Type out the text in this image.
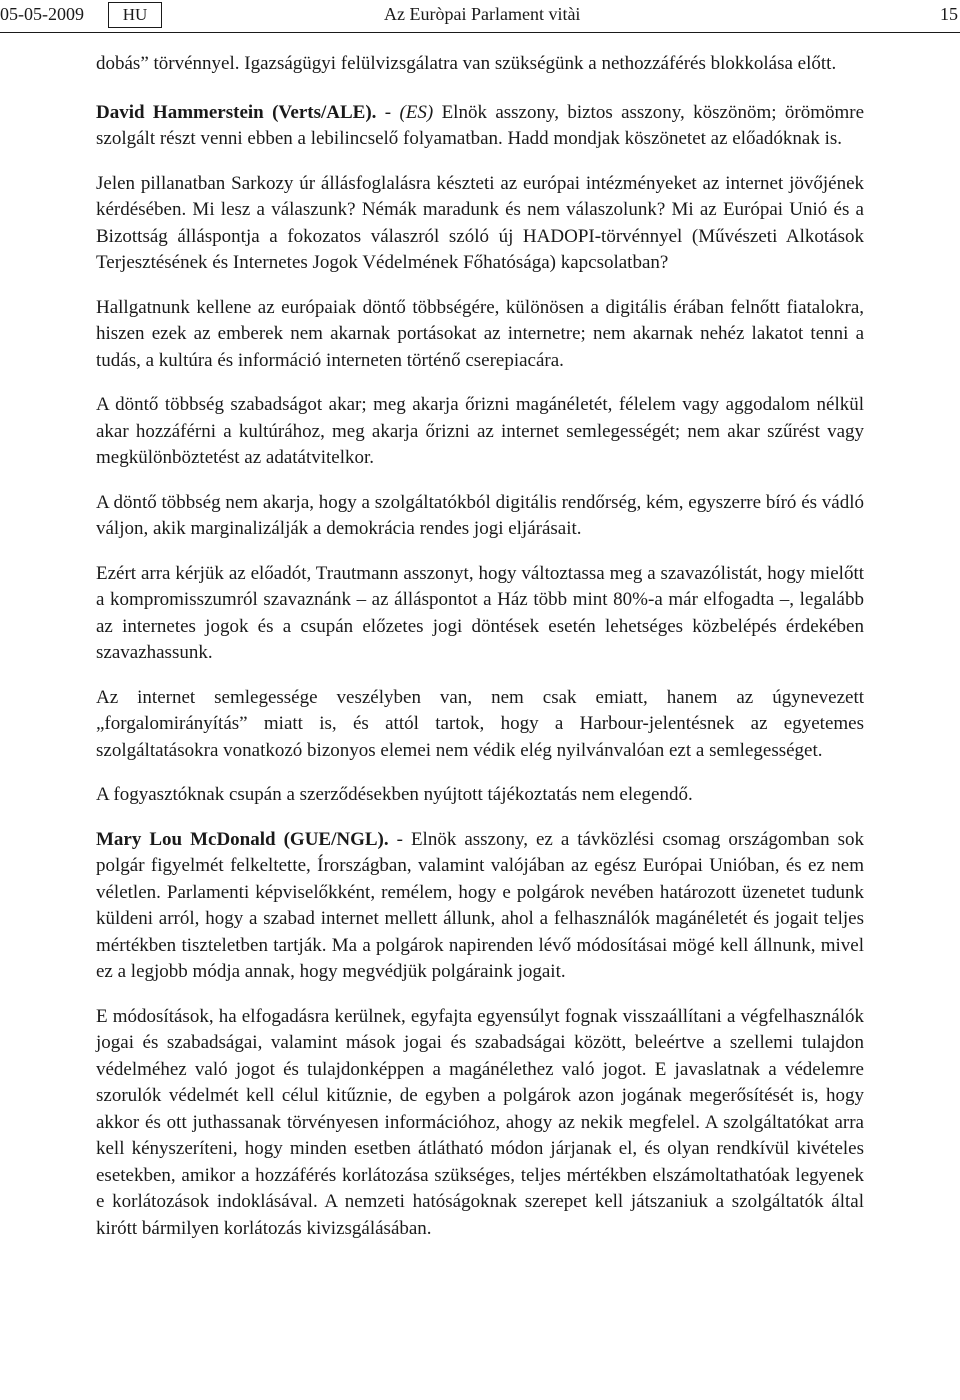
05-05-2009	HU	Az Euròpai Parlament vitài	15

dobás” törvénnyel. Igazságügyi felülvizsgálatra van szükségünk a nethozzáférés blokkolása előtt.

David Hammerstein (Verts/ALE). - (ES) Elnök asszony, biztos asszony, köszönöm; örömömre szolgált részt venni ebben a lebilincselő folyamatban. Hadd mondjak köszönetet az előadóknak is.

Jelen pillanatban Sarkozy úr állásfoglalásra készteti az európai intézményeket az internet jövőjének kérdésében. Mi lesz a válaszunk? Némák maradunk és nem válaszolunk? Mi az Európai Unió és a Bizottság álláspontja a fokozatos válaszról szóló új HADOPI-törvénnyel (Művészeti Alkotások Terjesztésének és Internetes Jogok Védelmének Főhatósága) kapcsolatban?

Hallgatnunk kellene az európaiak döntő többségére, különösen a digitális érában felnőtt fiatalokra, hiszen ezek az emberek nem akarnak portásokat az internetre; nem akarnak nehéz lakatot tenni a tudás, a kultúra és információ interneten történő cserepiacára.

A döntő többség szabadságot akar; meg akarja őrizni magánéletét, félelem vagy aggodalom nélkül akar hozzáférni a kultúrához, meg akarja őrizni az internet semlegességét; nem akar szűrést vagy megkülönböztetést az adatátvitelkor.

A döntő többség nem akarja, hogy a szolgáltatókból digitális rendőrség, kém, egyszerre bíró és vádló váljon, akik marginalizálják a demokrácia rendes jogi eljárásait.

Ezért arra kérjük az előadót, Trautmann asszonyt, hogy változtassa meg a szavazólistát, hogy mielőtt a kompromisszumról szavaznánk – az álláspontot a Ház több mint 80%-a már elfogadta –, legalább az internetes jogok és a csupán előzetes jogi döntések esetén lehetséges közbelépés érdekében szavazhassunk.

Az internet semlegessége veszélyben van, nem csak emiatt, hanem az úgynevezett „forgalomirányítás” miatt is, és attól tartok, hogy a Harbour-jelentésnek az egyetemes szolgáltatásokra vonatkozó bizonyos elemei nem védik elég nyilvánvalóan ezt a semlegességet.

A fogyasztóknak csupán a szerződésekben nyújtott tájékoztatás nem elegendő.

Mary Lou McDonald (GUE/NGL). - Elnök asszony, ez a távközlési csomag országomban sok polgár figyelmét felkeltette, Írországban, valamint valójában az egész Európai Unióban, és ez nem véletlen. Parlamenti képviselőkként, remélem, hogy e polgárok nevében határozott üzenetet tudunk küldeni arról, hogy a szabad internet mellett állunk, ahol a felhasználók magánéletét és jogait teljes mértékben tiszteletben tartják. Ma a polgárok napirenden lévő módosításai mögé kell állnunk, mivel ez a legjobb módja annak, hogy megvédjük polgáraink jogait.

E módosítások, ha elfogadásra kerülnek, egyfajta egyensúlyt fognak visszaállítani a végfelhasználók jogai és szabadságai, valamint mások jogai és szabadságai között, beleértve a szellemi tulajdon védelméhez való jogot és tulajdonképpen a magánélethez való jogot. E javaslatnak a védelemre szorulók védelmét kell célul kitűznie, de egyben a polgárok azon jogának megerősítését is, hogy akkor és ott juthassanak törvényesen információhoz, ahogy az nekik megfelel. A szolgáltatókat arra kell kényszeríteni, hogy minden esetben átlátható módon járjanak el, és olyan rendkívül kivételes esetekben, amikor a hozzáférés korlátozása szükséges, teljes mértékben elszámoltathatóak legyenek e korlátozások indoklásával. A nemzeti hatóságoknak szerepet kell játszaniuk a szolgáltatók által kirótt bármilyen korlátozás kivizsgálásában.
